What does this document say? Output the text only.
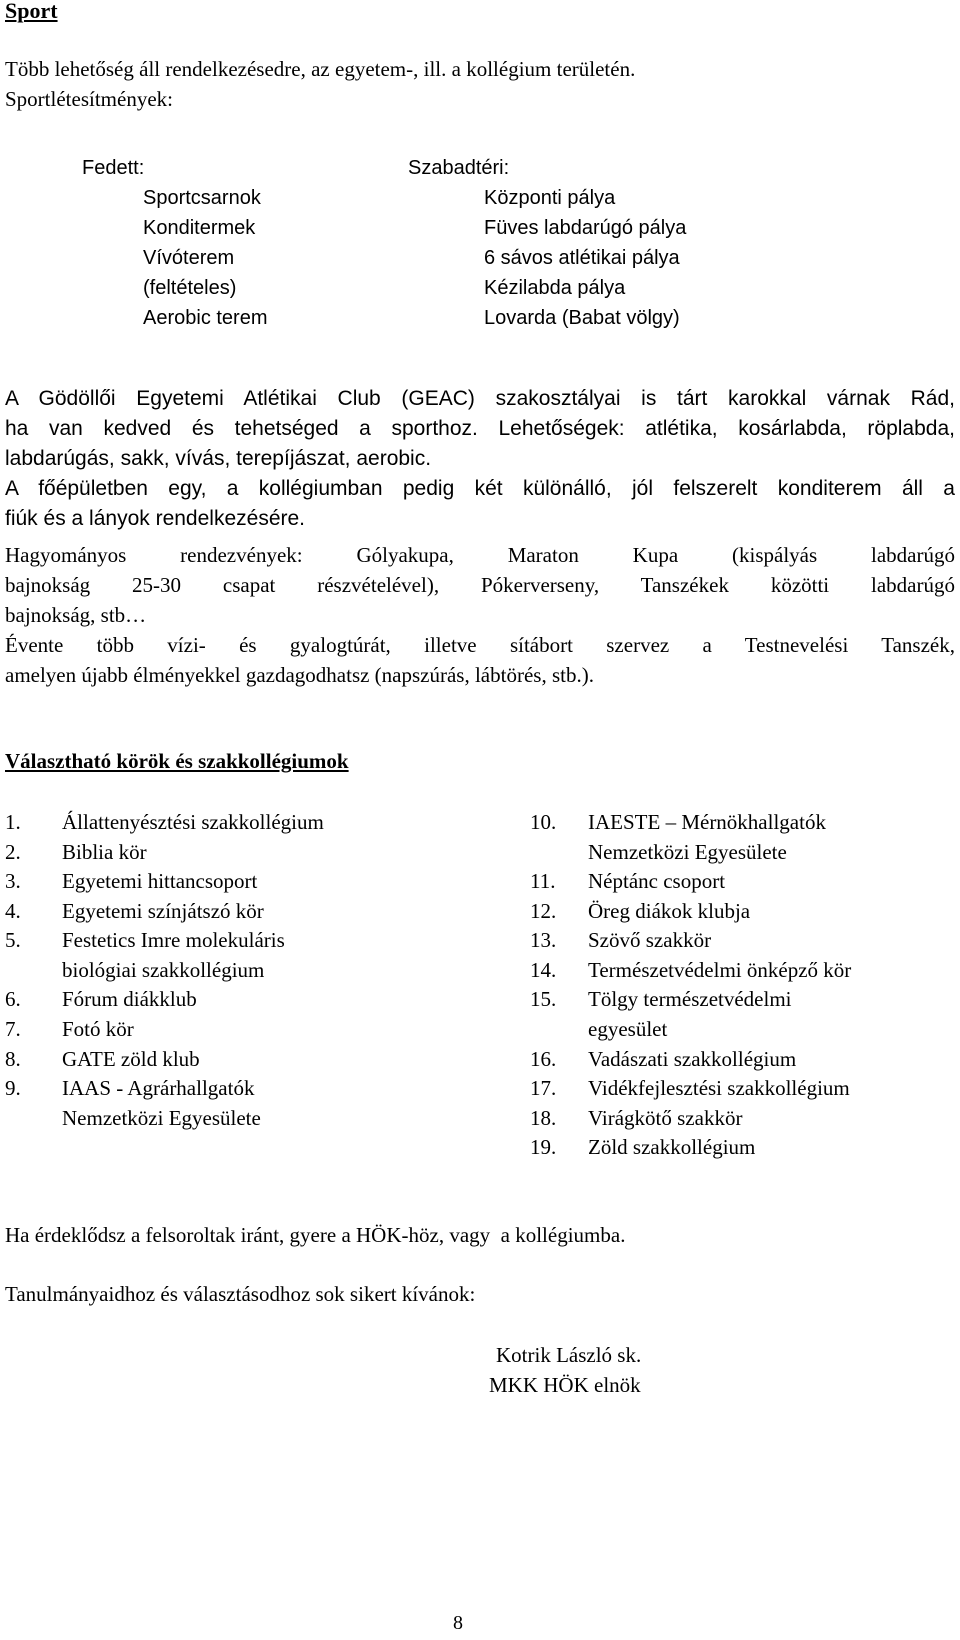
Sport
Több lehetőség áll rendelkezésedre, az egyetem-, ill. a kollégium területén.
Sportlétesítmények:
Fedett:
Sportcsarnok
Konditermek
Vívóterem
(feltételes)
Aerobic terem
Szabadtéri:
Központi pálya
Füves labdarúgó pálya
6 sávos atlétikai pálya
Kézilabda pálya
Lovarda (Babat völgy)
A Gödöllői Egyetemi Atlétikai Club (GEAC) szakosztályai is tárt karokkal várnak Rád,
ha van kedved és tehetséged a sporthoz. Lehetőségek: atlétika, kosárlabda, röplabda,
labdarúgás, sakk, vívás, terepíjászat, aerobic.
A főépületben egy, a kollégiumban pedig két különálló, jól felszerelt konditerem áll a
fiúk és a lányok rendelkezésére.
Hagyományos rendezvények: Gólyakupa, Maraton Kupa (kispályás labdarúgó
bajnokság 25-30 csapat részvételével), Pókerverseny, Tanszékek közötti labdarúgó
bajnokság, stb…
Évente több vízi- és gyalogtúrát, illetve sítábort szervez a Testnevelési Tanszék,
amelyen újabb élményekkel gazdagodhatsz (napszúrás, lábtörés, stb.).
Választható körök és szakkollégiumok
1. Állattenyésztési szakkollégium
2. Biblia kör
3. Egyetemi hittancsoport
4. Egyetemi színjátszó kör
5. Festetics Imre molekuláris
biológiai szakkollégium
6. Fórum diákklub
7. Fotó kör
8. GATE zöld klub
9. IAAS - Agrárhallgatók
Nemzetközi Egyesülete
10. IAESTE – Mérnökhallgatók
Nemzetközi Egyesülete
11. Néptánc csoport
12. Öreg diákok klubja
13. Szövő szakkör
14. Természetvédelmi önképző kör
15. Tölgy természetvédelmi
egyesület
16. Vadászati szakkollégium
17. Vidékfejlesztési szakkollégium
18. Virágkötő szakkör
19. Zöld szakkollégium
Ha érdeklődsz a felsoroltak iránt, gyere a HÖK-höz, vagy  a kollégiumba.
Tanulmányaidhoz és választásodhoz sok sikert kívánok:
Kotrik László sk.
MKK HÖK elnök
8
